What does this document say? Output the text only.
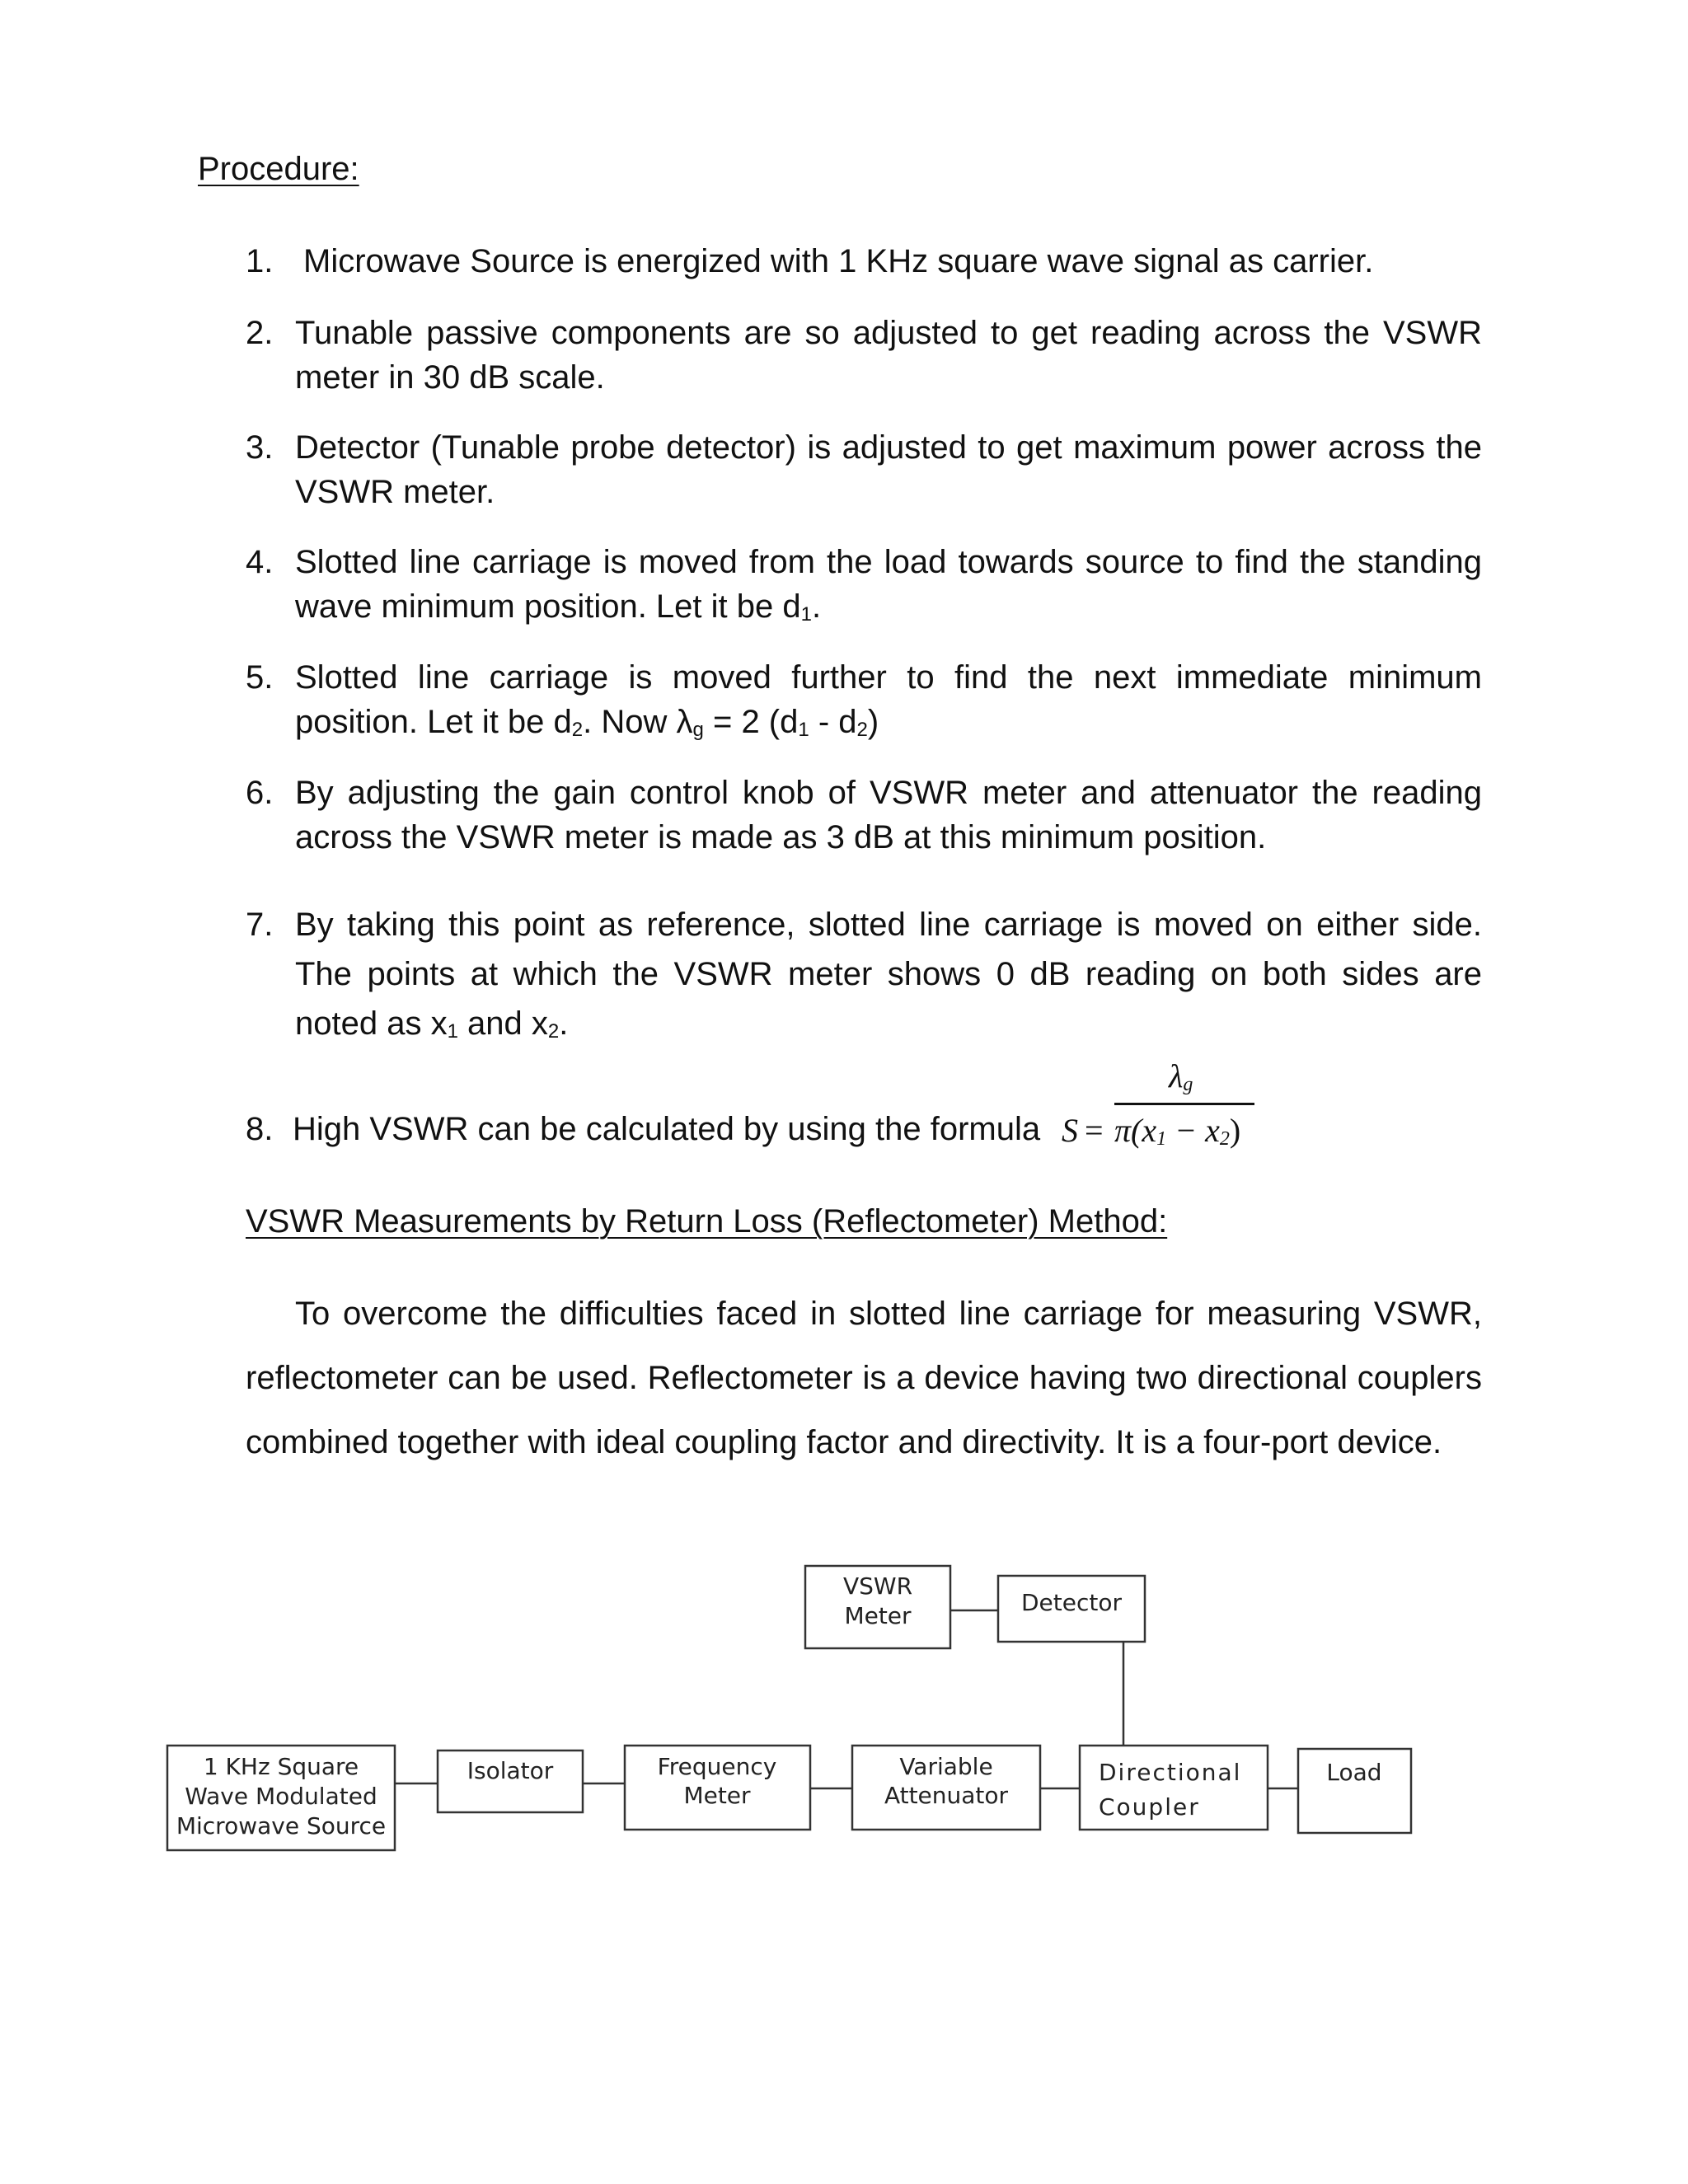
Procedure:
1. Microwave Source is energized with 1 KHz square wave signal as carrier.
2. Tunable passive components are so adjusted to get reading across the VSWR
meter in 30 dB scale.
3. Detector (Tunable probe detector) is adjusted to get maximum power across the
VSWR meter.
4. Slotted line carriage is moved from the load towards source to find the standing
wave minimum position. Let it be $d_1$.
5. Slotted line carriage is moved further to find the next immediate minimum
position. Let it be $d_2$. Now $\lambda_g = 2$ $(d_1 - d_2)$
6. By adjusting the gain control knob of VSWR meter and attenuator the reading
across the VSWR meter is made as 3 dB at this minimum position.
7. By taking this point as reference, slotted line carriage is moved on either side.
The points at which the VSWR meter shows 0 dB reading on both sides are
noted as $x_1$ and $x_2$.
8. High VSWR can be calculated by using the formula S =
$\lambda_g$
$\pi(x_1 - x_2)$
VSWR Measurements by Return Loss (Reflectometer) Method:
To overcome the difficulties faced in slotted line carriage for measuring VSWR,
reflectometer can be used. Reflectometer is a device having two directional couplers
combined together with ideal coupling factor and directivity. It is a four-port device.
1 KHz Square
Wave Modulated
Microwave Source
Isolator	Frequency
Meter
Variable
Attenuator
Directional
Coupler
Load
VSWR
Meter	Detector
